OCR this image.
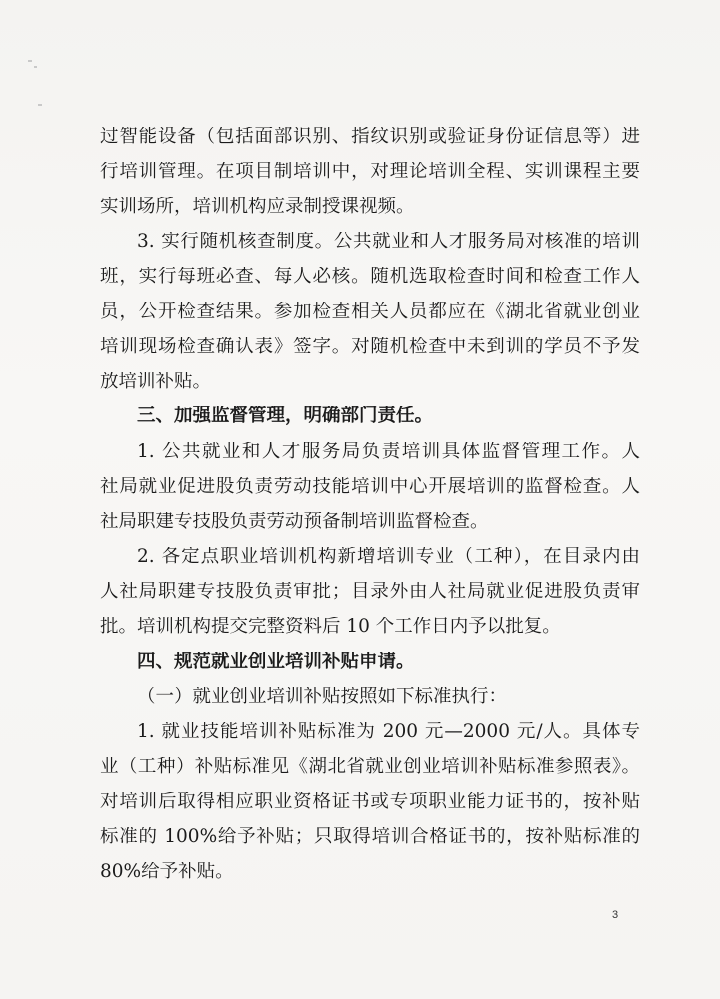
过智能设备（包括面部识别、指纹识别或验证身份证信息等）进
行培训管理。在项目制培训中，对理论培训全程、实训课程主要
实训场所，培训机构应录制授课视频。
3. 实行随机核查制度。公共就业和人才服务局对核准的培训
班，实行每班必查、每人必核。随机选取检查时间和检查工作人
员，公开检查结果。参加检查相关人员都应在《湖北省就业创业
培训现场检查确认表》签字。对随机检查中未到训的学员不予发
放培训补贴。
三、加强监督管理，明确部门责任。
1. 公共就业和人才服务局负责培训具体监督管理工作。人
社局就业促进股负责劳动技能培训中心开展培训的监督检查。人
社局职建专技股负责劳动预备制培训监督检查。
2. 各定点职业培训机构新增培训专业（工种），在目录内由
人社局职建专技股负责审批；目录外由人社局就业促进股负责审
批。培训机构提交完整资料后 10 个工作日内予以批复。
四、规范就业创业培训补贴申请。
（一）就业创业培训补贴按照如下标准执行：
1. 就业技能培训补贴标准为 200 元—2000 元/人。具体专
业（工种）补贴标准见《湖北省就业创业培训补贴标准参照表》。
对培训后取得相应职业资格证书或专项职业能力证书的，按补贴
标准的 100%给予补贴；只取得培训合格证书的，按补贴标准的
80%给予补贴。
3
